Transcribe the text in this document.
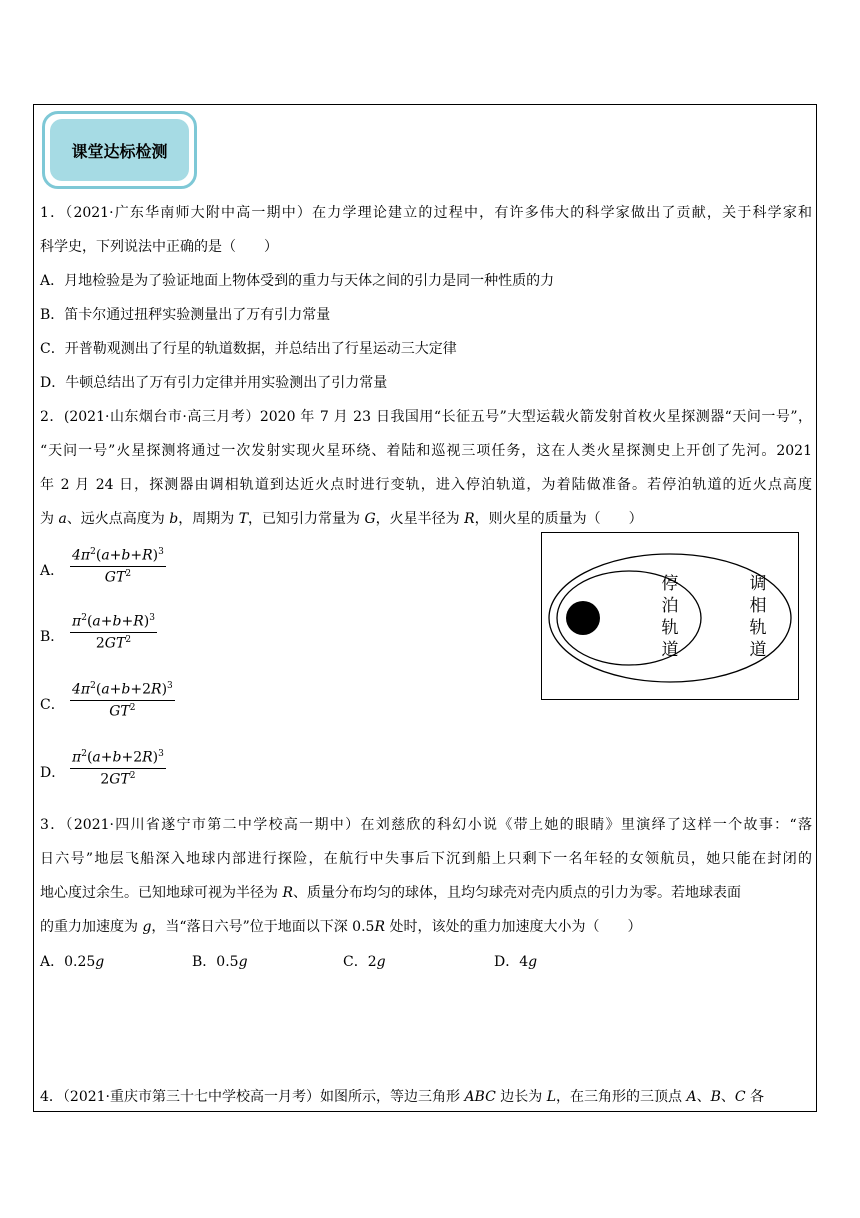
课堂达标检测
1．（2021·广东华南师大附中高一期中）在力学理论建立的过程中，有许多伟大的科学家做出了贡献，关于科学家和
科学史，下列说法中正确的是（　　）
A．月地检验是为了验证地面上物体受到的重力与天体之间的引力是同一种性质的力
B．笛卡尔通过扭秤实验测量出了万有引力常量
C．开普勒观测出了行星的轨道数据，并总结出了行星运动三大定律
D．牛顿总结出了万有引力定律并用实验测出了引力常量
2．(2021·山东烟台市·高三月考）2020 年 7 月 23 日我国用“长征五号”大型运载火箭发射首枚火星探测器“天问一号”，
“天问一号”火星探测将通过一次发射实现火星环绕、着陆和巡视三项任务，这在人类火星探测史上开创了先河。2021
年 2 月 24 日，探测器由调相轨道到达近火点时进行变轨，进入停泊轨道，为着陆做准备。若停泊轨道的近火点高度
为 a、远火点高度为 b，周期为 T，已知引力常量为 G，火星半径为 R，则火星的质量为（　　）
A． $\frac{4\pi^2(a+b+R)^3}{GT^2}$
B． $\frac{\pi^2(a+b+R)^3}{2GT^2}$
C． $\frac{4\pi^2(a+b+2R)^3}{GT^2}$
D． $\frac{\pi^2(a+b+2R)^3}{2GT^2}$
停
泊
轨
道
调
相
轨
道
3．（2021·四川省遂宁市第二中学校高一期中）在刘慈欣的科幻小说《带上她的眼睛》里演绎了这样一个故事：“落
日六号”地层飞船深入地球内部进行探险，在航行中失事后下沉到船上只剩下一名年轻的女领航员，她只能在封闭的
地心度过余生。已知地球可视为半径为 R、质量分布均匀的球体，且均匀球壳对壳内质点的引力为零。若地球表面
的重力加速度为 g，当“落日六号”位于地面以下深 0.5R 处时，该处的重力加速度大小为（　　）
A．0.25g	B．0.5g	C．2g	D．4g
4．（2021·重庆市第三十七中学校高一月考）如图所示，等边三角形 ABC 边长为 L，在三角形的三顶点 A、B、C 各
